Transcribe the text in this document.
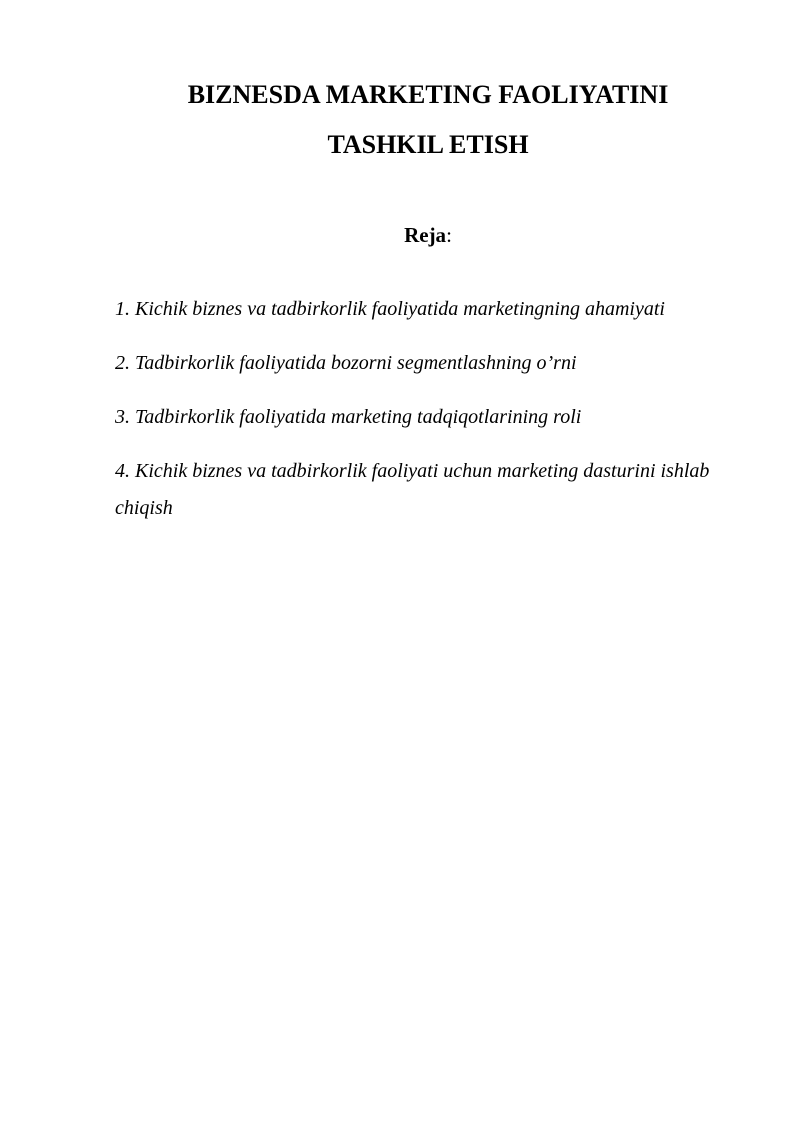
BIZNESDA MARKETING FAOLIYATINI
TASHKIL ETISH
Reja:
1. Kichik biznes va tadbirkorlik faoliyatida marketingning ahamiyati
2. Tadbirkorlik faoliyatida bozorni segmentlashning o’rni
3. Tadbirkorlik faoliyatida marketing tadqiqotlarining roli
4. Kichik biznes va tadbirkorlik faoliyati uchun marketing dasturini ishlab chiqish
